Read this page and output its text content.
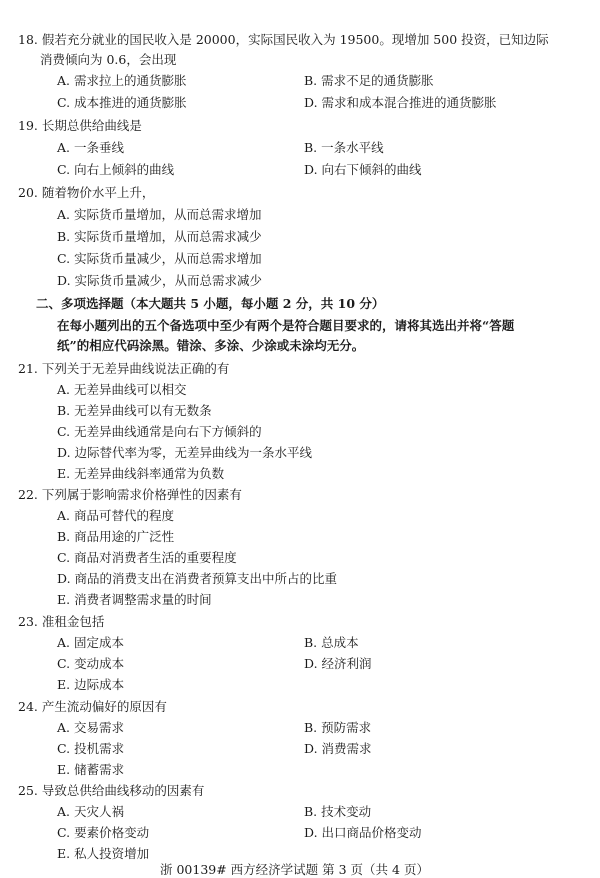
18. 假若充分就业的国民收入是 20000，实际国民收入为 19500。现增加 500 投资，已知边际
消费倾向为 0.6，会出现
A. 需求拉上的通货膨胀	B. 需求不足的通货膨胀
C. 成本推进的通货膨胀	D. 需求和成本混合推进的通货膨胀
19. 长期总供给曲线是
A. 一条垂线	B. 一条水平线
C. 向右上倾斜的曲线	D. 向右下倾斜的曲线
20. 随着物价水平上升，
A. 实际货币量增加，从而总需求增加
B. 实际货币量增加，从而总需求减少
C. 实际货币量减少，从而总需求增加
D. 实际货币量减少，从而总需求减少
二、多项选择题（本大题共 5 小题，每小题 2 分，共 10 分）
在每小题列出的五个备选项中至少有两个是符合题目要求的，请将其选出并将“答题
纸”的相应代码涂黑。错涂、多涂、少涂或未涂均无分。
21. 下列关于无差异曲线说法正确的有
A. 无差异曲线可以相交
B. 无差异曲线可以有无数条
C. 无差异曲线通常是向右下方倾斜的
D. 边际替代率为零，无差异曲线为一条水平线
E. 无差异曲线斜率通常为负数
22. 下列属于影响需求价格弹性的因素有
A. 商品可替代的程度
B. 商品用途的广泛性
C. 商品对消费者生活的重要程度
D. 商品的消费支出在消费者预算支出中所占的比重
E. 消费者调整需求量的时间
23. 准租金包括
A. 固定成本	B. 总成本
C. 变动成本	D. 经济利润
E. 边际成本
24. 产生流动偏好的原因有
A. 交易需求	B. 预防需求
C. 投机需求	D. 消费需求
E. 储蓄需求
25. 导致总供给曲线移动的因素有
A. 天灾人祸	B. 技术变动
C. 要素价格变动	D. 出口商品价格变动
E. 私人投资增加
浙 00139# 西方经济学试题 第 3 页（共 4 页）
